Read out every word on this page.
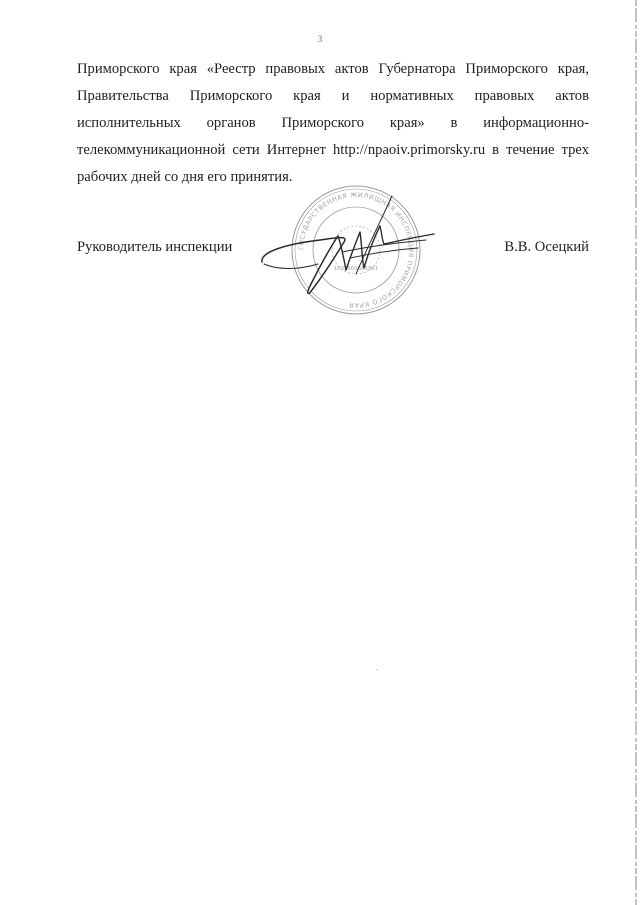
3
Приморского края «Реестр правовых актов Губернатора Приморского края,
Правительства Приморского края и нормативных правовых актов
исполнительных органов Приморского края» в информационно-
телекоммуникационной сети Интернет http://npaoiv.primorsky.ru в течение трех
рабочих дней со дня его принятия.
ГОСУДАРСТВЕННАЯ ЖИЛИЩНАЯ ИНСПЕКЦИЯ ПРИМОРСКОГО КРАЯ
1032500685961
Руководитель инспекции	В.В. Осецкий
